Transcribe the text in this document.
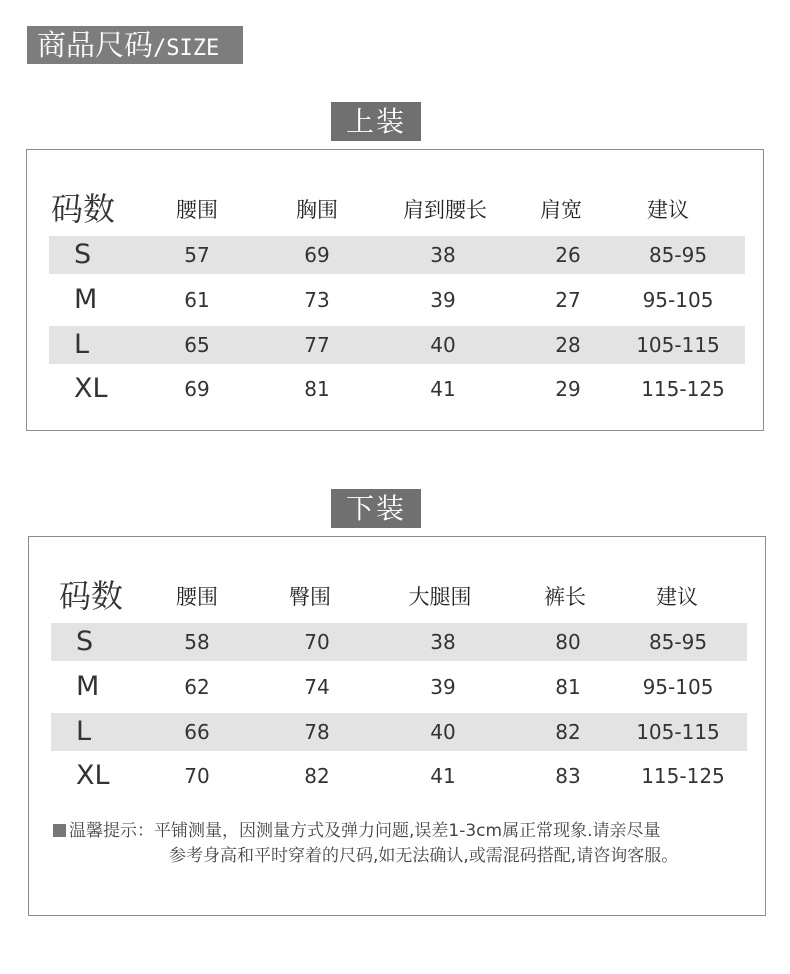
商品尺码/SIZE
上装
码数	腰围	胸围	肩到腰长	肩宽	建议
S	57	69	38	26	85-95
M	61	73	39	27	95-105
L	65	77	40	28	105-115
XL	69	81	41	29	115-125
下装
码数	腰围	臀围	大腿围	裤长	建议
S	58	70	38	80	85-95
M	62	74	39	81	95-105
L	66	78	40	82	105-115
XL	70	82	41	83	115-125
温馨提示：平铺测量，因测量方式及弹力问题,误差1-3cm属正常现象.请亲尽量
参考身高和平时穿着的尺码,如无法确认,或需混码搭配,请咨询客服。
